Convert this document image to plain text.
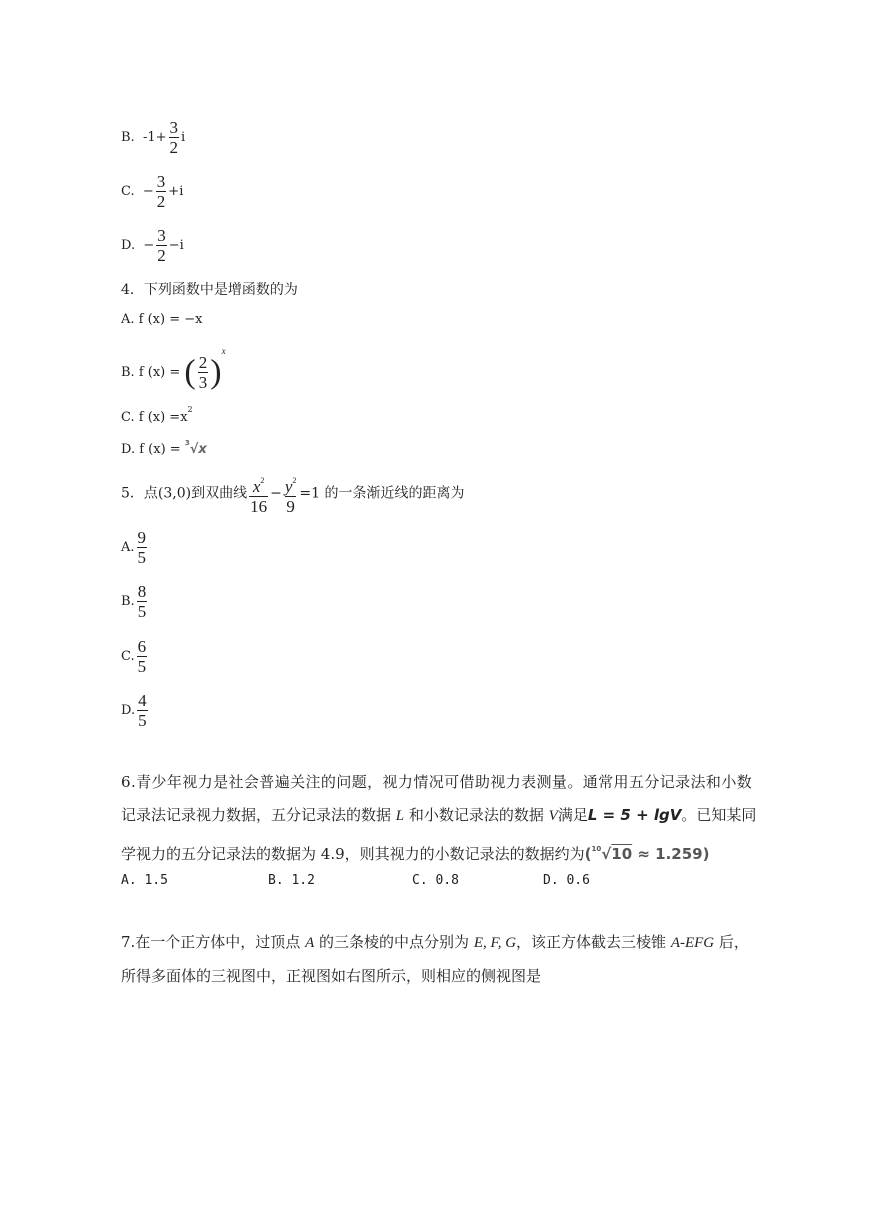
B. $-1+ \frac{3}{2}$ i
C. − $\frac{3}{2} +i$
D. − $\frac{3}{2} -i$
4．下列函数中是增函数的为
A. f (x) = −x
B. f (x) = ( $\frac{2}{3} )^x$
C. f $(x) =x^2$
D. f (x) = $^3$√x
5．点(3,0)到双曲线 $\frac{x^2}{16} - \frac{y^2}{9} =1$ 的一条渐近线的距离为
A. $\frac{9}{5}$
B. $\frac{8}{5}$
C. $\frac{6}{5}$
D. $\frac{4}{5}$
6.青少年视力是社会普遍关注的问题，视力情况可借助视力表测量。通常用五分记录法和小数
记录法记录视力数据，五分记录法的数据 L 和小数记录法的数据 V满足L = 5 + lgV。已知某同
学视力的五分记录法的数据为 4.9，则其视力的小数记录法的数据约为($^{10}$√10 ≈ 1.259)
A. 1.5	B. 1.2	C. 0.8	D. 0.6
7.在一个正方体中，过顶点 A 的三条棱的中点分别为 E, F, G，该正方体截去三棱锥 A-EFG 后，
所得多面体的三视图中，正视图如右图所示，则相应的侧视图是
